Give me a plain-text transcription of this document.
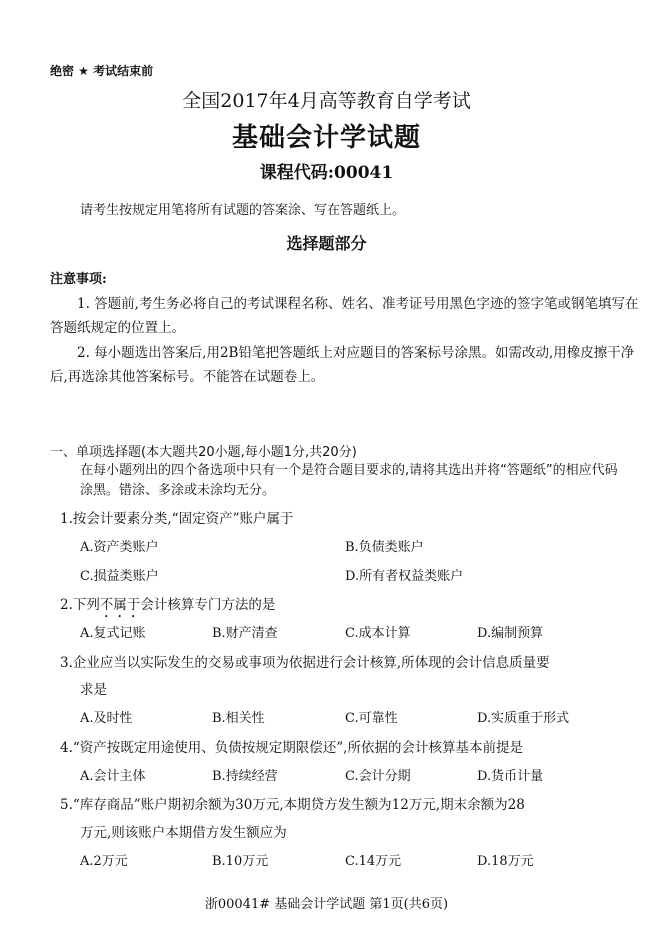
绝密 ★ 考试结束前
全国2017年4月高等教育自学考试
基础会计学试题
课程代码:00041
请考生按规定用笔将所有试题的答案涂、写在答题纸上。
选择题部分
注意事项:
1. 答题前,考生务必将自己的考试课程名称、姓名、准考证号用黑色字迹的签字笔或钢笔填写在答题纸规定的位置上。
2. 每小题选出答案后,用2B铅笔把答题纸上对应题目的答案标号涂黑。如需改动,用橡皮擦干净后,再选涂其他答案标号。不能答在试题卷上。
一、单项选择题(本大题共20小题,每小题1分,共20分)
在每小题列出的四个备选项中只有一个是符合题目要求的,请将其选出并将“答题纸”的相应代码涂黑。错涂、多涂或未涂均无分。
1.按会计要素分类,“固定资产”账户属于
A.资产类账户	B.负债类账户
C.损益类账户	D.所有者权益类账户
2.下列不属于会计核算专门方法的是
A.复式记账	B.财产清查	C.成本计算	D.编制预算
3.企业应当以实际发生的交易或事项为依据进行会计核算,所体现的会计信息质量要
求是
A.及时性	B.相关性	C.可靠性	D.实质重于形式
4.“资产按既定用途使用、负债按规定期限偿还”,所依据的会计核算基本前提是
A.会计主体	B.持续经营	C.会计分期	D.货币计量
5.“库存商品”账户期初余额为30万元,本期贷方发生额为12万元,期末余额为28
万元,则该账户本期借方发生额应为
A.2万元	B.10万元	C.14万元	D.18万元
浙00041# 基础会计学试题 第1页(共6页)
